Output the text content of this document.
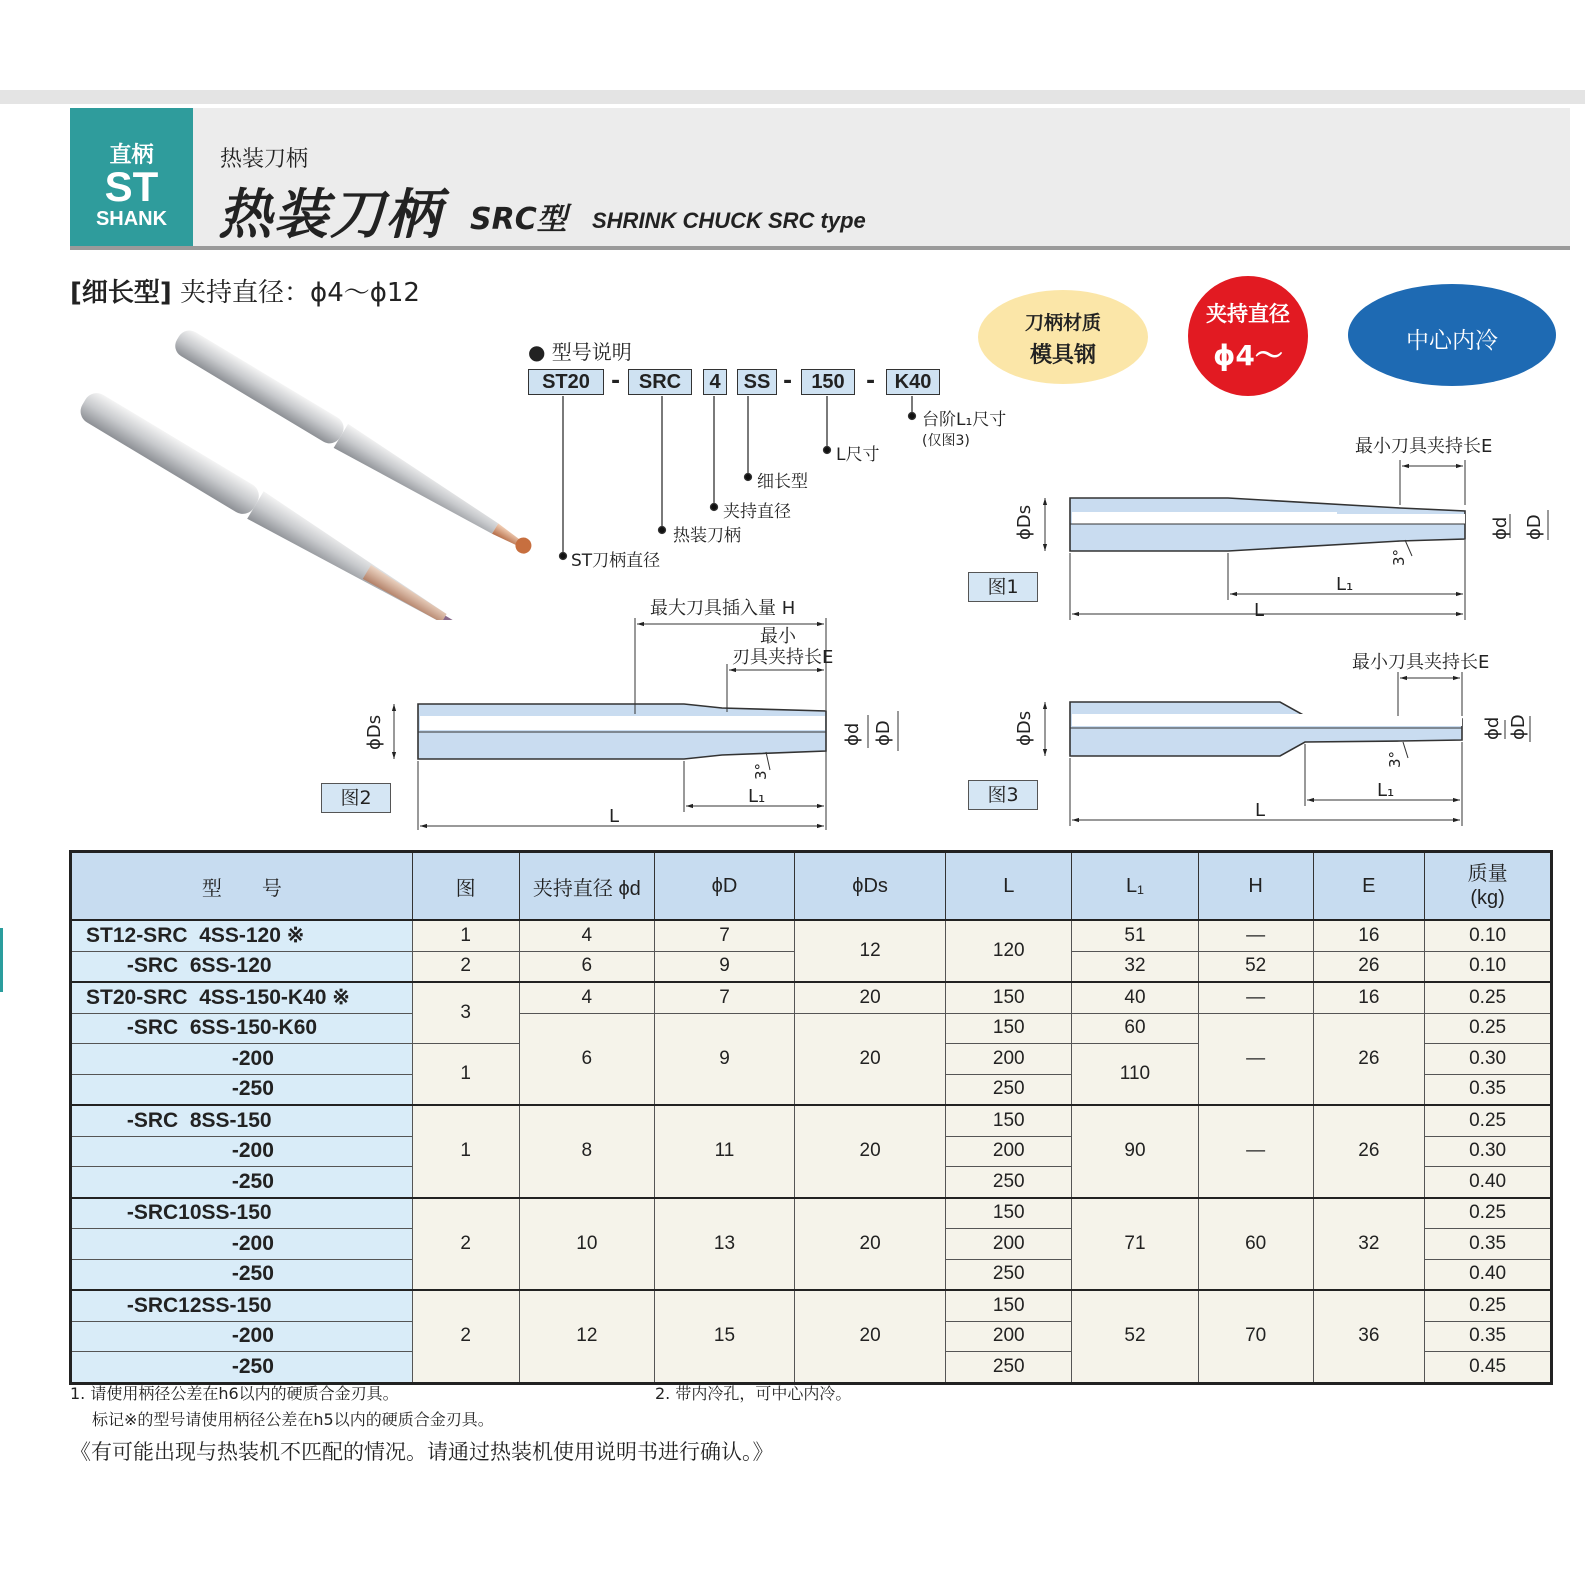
直柄
ST
SHANK
热装刀柄
热装刀柄 SRC型 SHRINK CHUCK SRC type
[细长型] 夹持直径：ϕ4〜ϕ12
刀柄材质
模具钢
夹持直径
ϕ4〜	中心内冷
● 型号说明
ST20 - SRC	4	SS - 150 - K40
台阶L₁尺寸
(仅图3)
L尺寸
细长型
夹持直径
热装刀柄
ST刀柄直径
图1
图2	图3
最小刀具夹持长E
最小刀具夹持长E
最大刀具插入量 H
最小
刃具夹持长E
L
L₁
L
L₁
L
L₁
ϕDs	ϕd ϕD
ϕDs	ϕd ϕD	ϕDs	ϕd ϕD
3°
3°
3°
型　　号	图	夹持直径 ϕd	ϕD	ϕDs	L	L₁	H	E	质量
(kg)
ST12-SRC  4SS-120 ※	1	4	7	12	120	51	—	16	0.10
-SRC  6SS-120	2	6	9			32	52	26	0.10
ST20-SRC  4SS-150-K40 ※	3	4	7	20	150	40	—	16	0.25
-SRC  6SS-150-K60		6	9	20	150	60	—	26	0.25
-200	1				200	110			0.30
-250					250				0.35
-SRC  8SS-150	1	8	11	20	150	90	—	26	0.25
-200					200				0.30
-250					250				0.40
-SRC10SS-150	2	10	13	20	150	71	60	32	0.25
-200					200				0.35
-250					250				0.40
-SRC12SS-150	2	12	15	20	150	52	70	36	0.25
-200					200				0.35
-250					250				0.45
1. 请使用柄径公差在h6以内的硬质合金刃具。
标记※的型号请使用柄径公差在h5以内的硬质合金刃具。
2. 带内冷孔，可中心内冷。
《有可能出现与热装机不匹配的情况。请通过热装机使用说明书进行确认。》
